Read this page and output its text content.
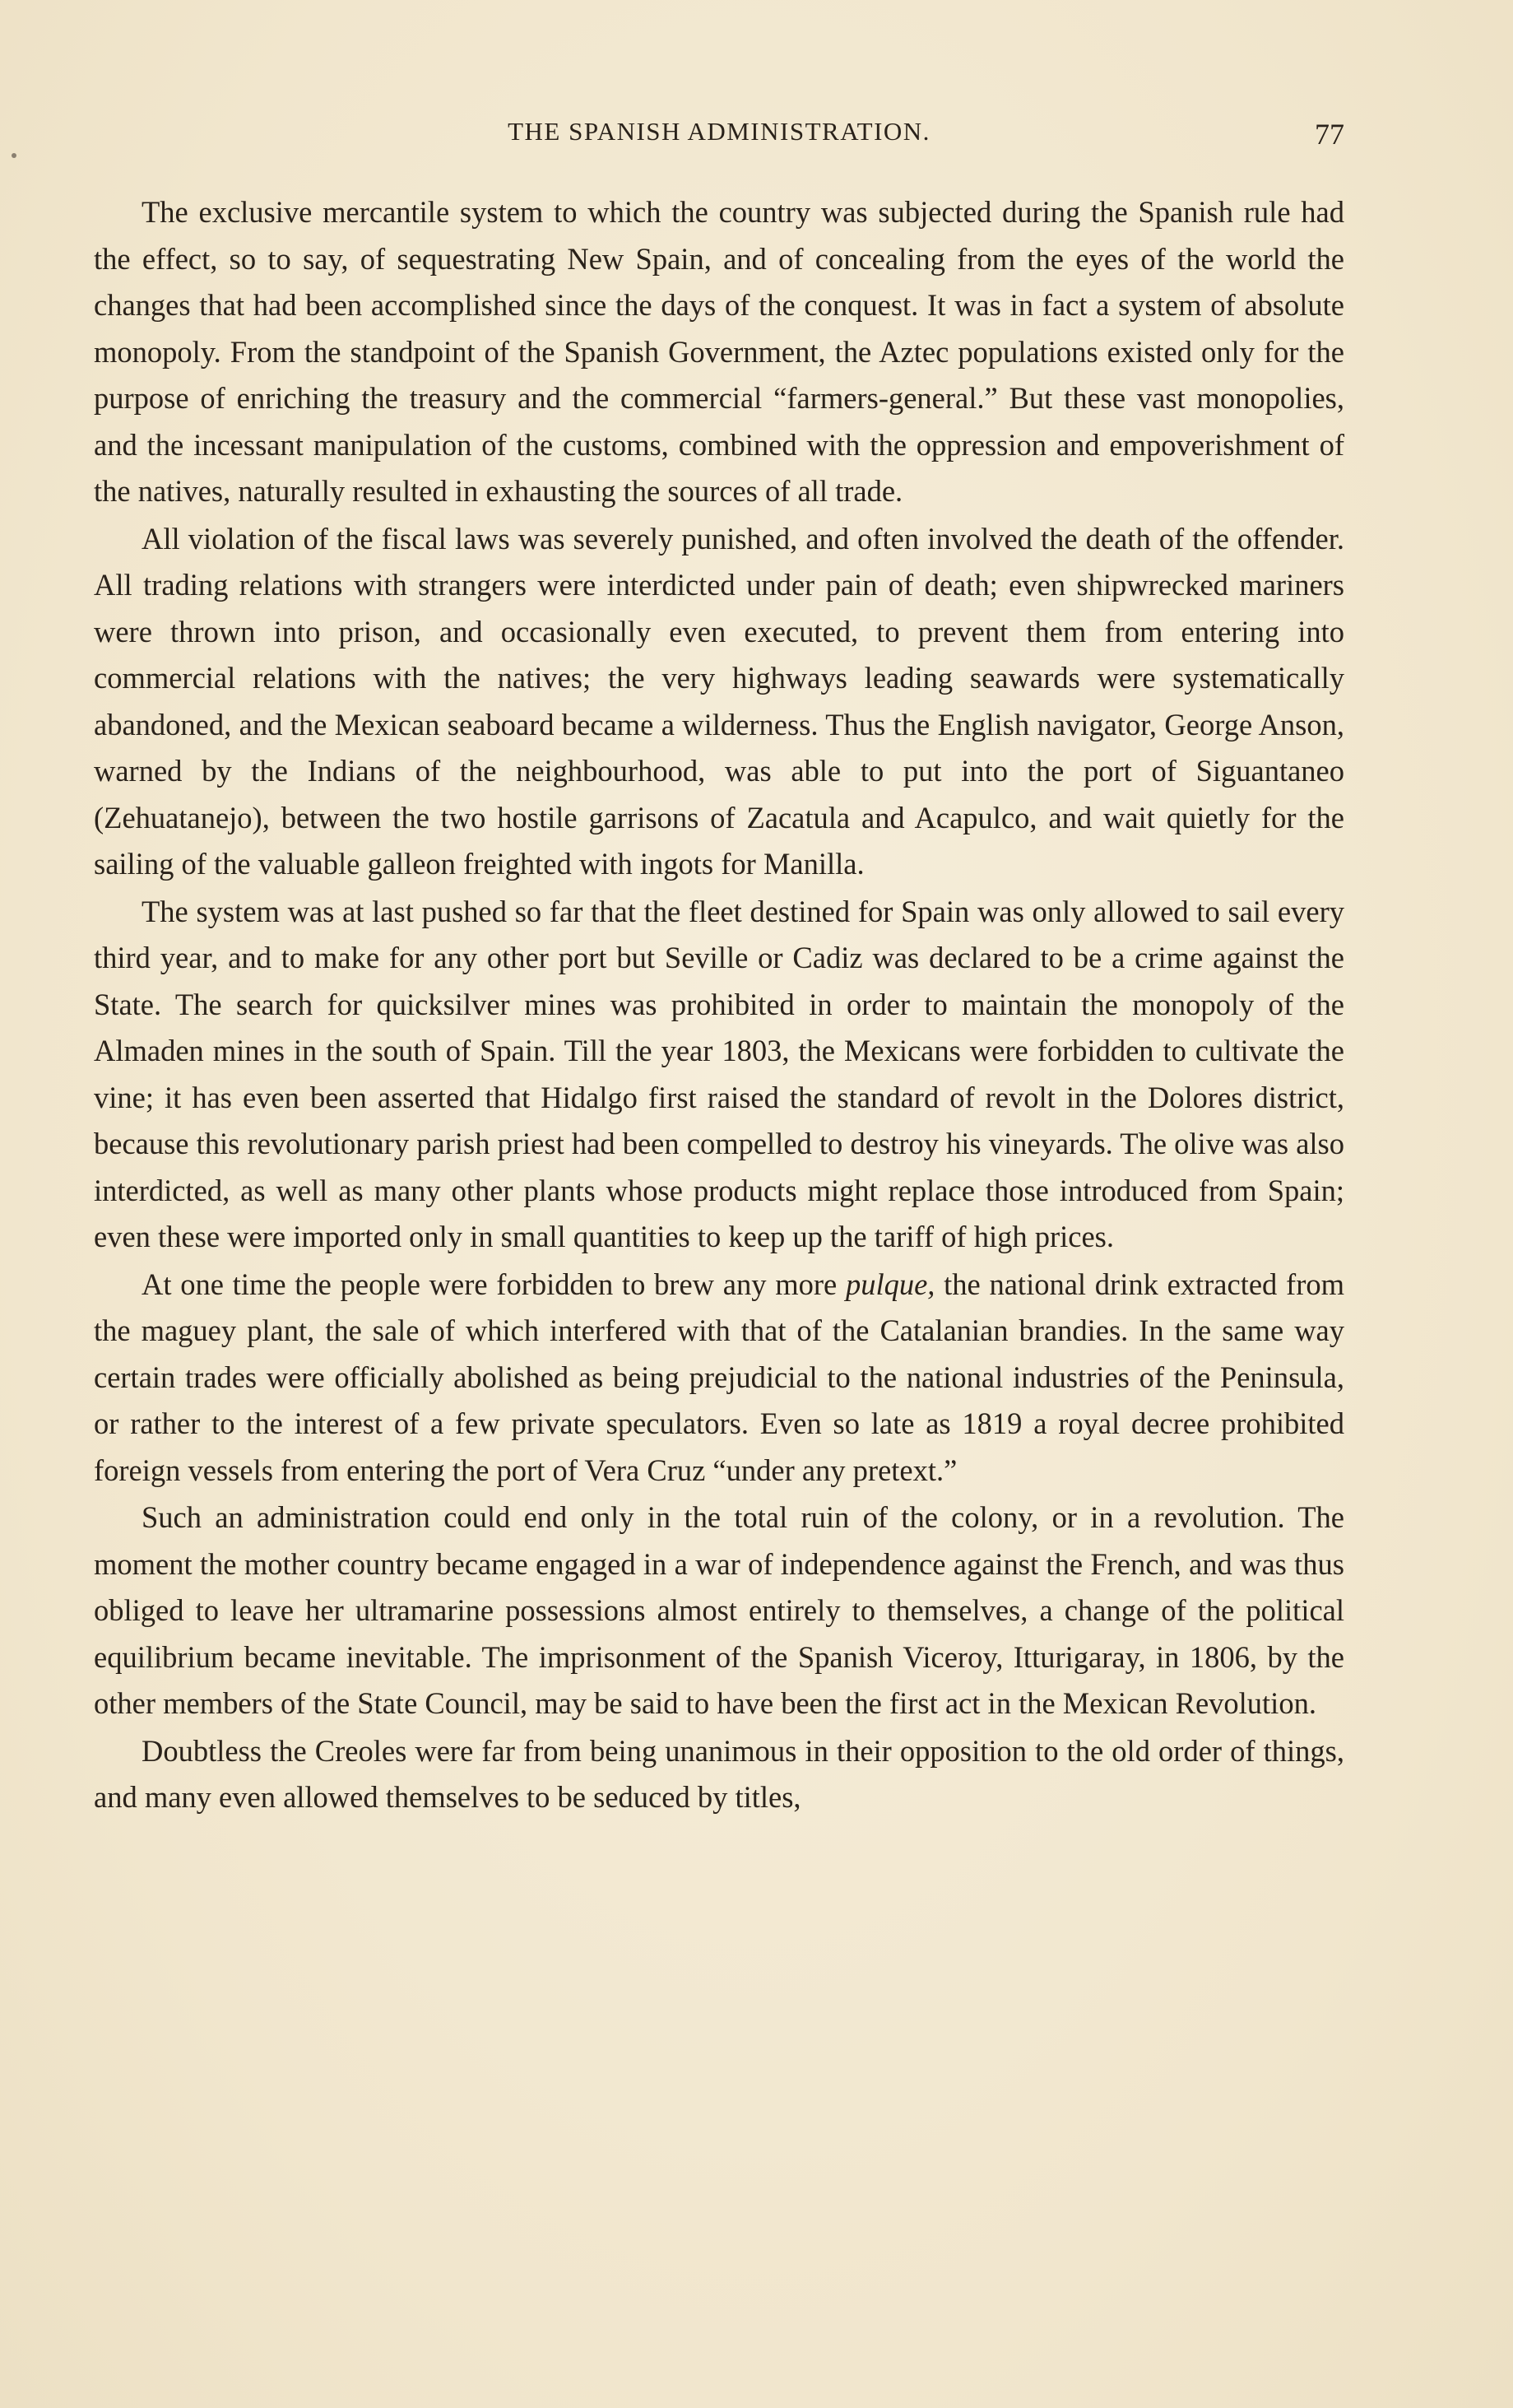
THE SPANISH ADMINISTRATION.	77

The exclusive mercantile system to which the country was subjected during the Spanish rule had the effect, so to say, of sequestrating New Spain, and of concealing from the eyes of the world the changes that had been accomplished since the days of the conquest. It was in fact a system of absolute monopoly. From the standpoint of the Spanish Government, the Aztec populations existed only for the purpose of enriching the treasury and the commercial “farmers-general.” But these vast monopolies, and the incessant manipulation of the customs, combined with the oppression and empoverishment of the natives, naturally resulted in exhausting the sources of all trade.

All violation of the fiscal laws was severely punished, and often involved the death of the offender. All trading relations with strangers were interdicted under pain of death; even shipwrecked mariners were thrown into prison, and occasionally even executed, to prevent them from entering into commercial relations with the natives; the very highways leading seawards were systematically abandoned, and the Mexican seaboard became a wilderness. Thus the English navigator, George Anson, warned by the Indians of the neighbourhood, was able to put into the port of Siguantaneo (Zehuatanejo), between the two hostile garrisons of Zacatula and Acapulco, and wait quietly for the sailing of the valuable galleon freighted with ingots for Manilla.

The system was at last pushed so far that the fleet destined for Spain was only allowed to sail every third year, and to make for any other port but Seville or Cadiz was declared to be a crime against the State. The search for quicksilver mines was prohibited in order to maintain the monopoly of the Almaden mines in the south of Spain. Till the year 1803, the Mexicans were forbidden to cultivate the vine; it has even been asserted that Hidalgo first raised the standard of revolt in the Dolores district, because this revolutionary parish priest had been compelled to destroy his vineyards. The olive was also interdicted, as well as many other plants whose products might replace those introduced from Spain; even these were imported only in small quantities to keep up the tariff of high prices.

At one time the people were forbidden to brew any more pulque, the national drink extracted from the maguey plant, the sale of which interfered with that of the Catalanian brandies. In the same way certain trades were officially abolished as being prejudicial to the national industries of the Peninsula, or rather to the interest of a few private speculators. Even so late as 1819 a royal decree prohibited foreign vessels from entering the port of Vera Cruz “under any pretext.”

Such an administration could end only in the total ruin of the colony, or in a revolution. The moment the mother country became engaged in a war of independence against the French, and was thus obliged to leave her ultramarine possessions almost entirely to themselves, a change of the political equilibrium became inevitable. The imprisonment of the Spanish Viceroy, Itturigaray, in 1806, by the other members of the State Council, may be said to have been the first act in the Mexican Revolution.

Doubtless the Creoles were far from being unanimous in their opposition to the old order of things, and many even allowed themselves to be seduced by titles,
